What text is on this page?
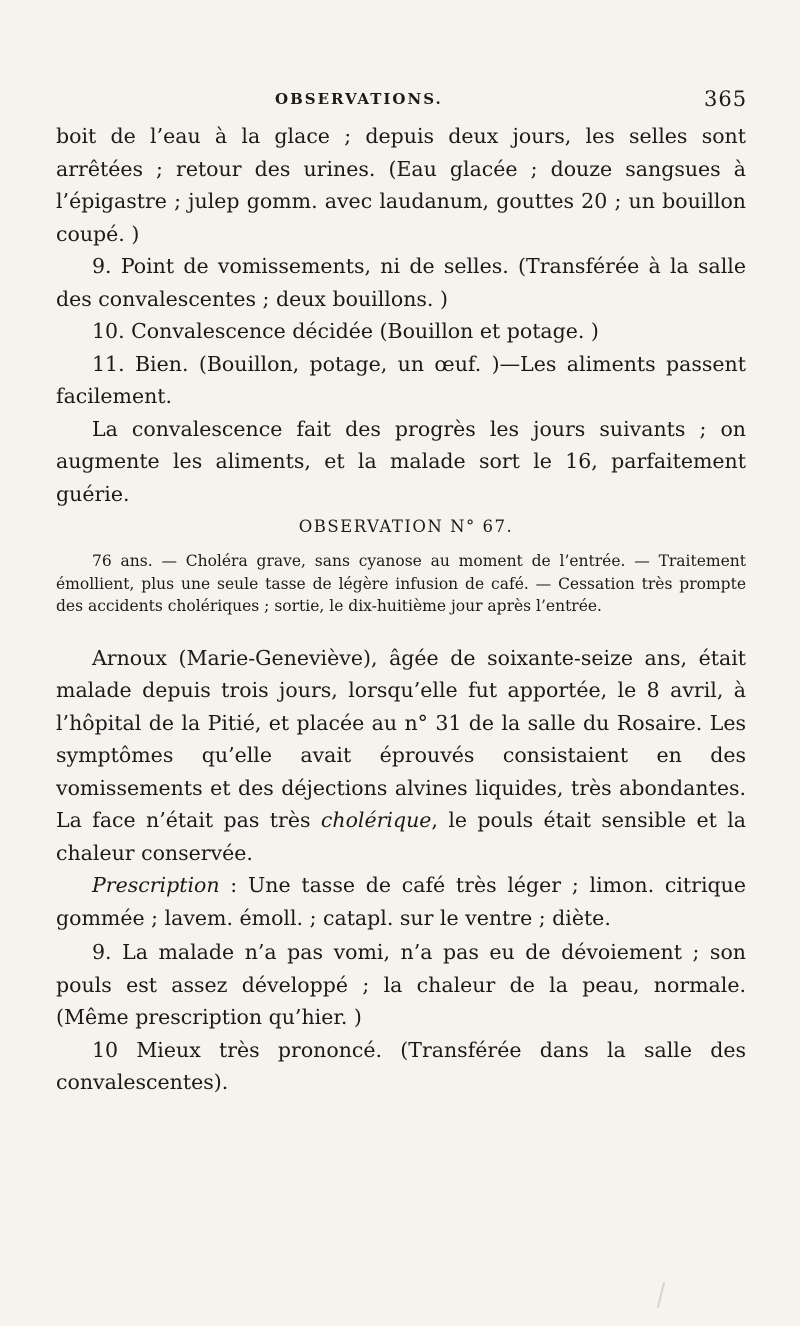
OBSERVATIONS.	365

boit de l’eau à la glace ; depuis deux jours, les selles sont arrêtées ; retour des urines. (Eau glacée ; douze sangsues à l’épigastre ; julep gomm. avec laudanum, gouttes 20 ; un bouillon coupé. )

9. Point de vomissements, ni de selles. (Transférée à la salle des convalescentes ; deux bouillons. )

10. Convalescence décidée (Bouillon et potage. )

11. Bien. (Bouillon, potage, un œuf. )—Les aliments passent facilement.

La convalescence fait des progrès les jours suivants ; on augmente les aliments, et la malade sort le 16, parfaitement guérie.

OBSERVATION N° 67.

76 ans. — Choléra grave, sans cyanose au moment de l’entrée. — Traitement émollient, plus une seule tasse de légère infusion de café. — Cessation très prompte des accidents cholériques ; sortie, le dix-huitième jour après l’entrée.

Arnoux (Marie-Geneviève), âgée de soixante-seize ans, était malade depuis trois jours, lorsqu’elle fut apportée, le 8 avril, à l’hôpital de la Pitié, et placée au n° 31 de la salle du Rosaire. Les symptômes qu’elle avait éprouvés consistaient en des vomissements et des déjections alvines liquides, très abondantes. La face n’était pas très cholérique, le pouls était sensible et la chaleur conservée.

Prescription : Une tasse de café très léger ; limon. citrique gommée ; lavem. émoll. ; catapl. sur le ventre ; diète.

9. La malade n’a pas vomi, n’a pas eu de dévoiement ; son pouls est assez développé ; la chaleur de la peau, normale. (Même prescription qu’hier. )

10 Mieux très prononcé. (Transférée dans la salle des convalescentes).
